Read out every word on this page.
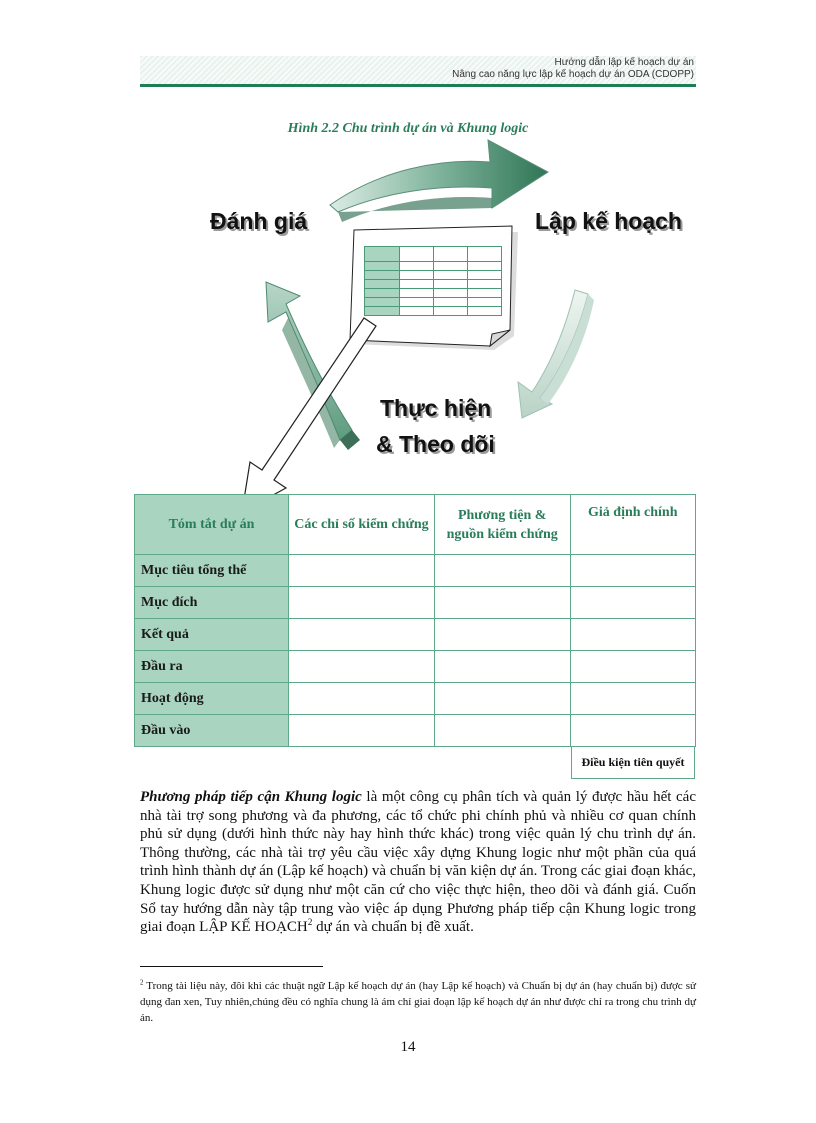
Hướng dẫn lập kế hoạch dự án
Nâng cao năng lực lập kế hoạch dự án ODA (CDOPP)
Hình 2.2 Chu trình dự án và Khung logic

Đánh giá	Lập kế hoạch
Thực hiện
& Theo dõi
Tóm tắt dự án	Các chỉ số kiểm chứng	Phương tiện & nguồn kiểm chứng	Giả định chính
Mục tiêu tổng thể			
Mục đích			
Kết quả			
Đầu ra			
Hoạt động			
Đầu vào			
Điều kiện tiên quyết
Phương pháp tiếp cận Khung logic là một công cụ phân tích và quản lý được hầu hết các nhà tài trợ song phương và đa phương, các tổ chức phi chính phủ và nhiều cơ quan chính phủ sử dụng (dưới hình thức này hay hình thức khác) trong việc quản lý chu trình dự án. Thông thường, các nhà tài trợ yêu cầu việc xây dựng Khung logic như một phần của quá trình hình thành dự án (Lập kế hoạch) và chuẩn bị văn kiện dự án. Trong các giai đoạn khác, Khung logic được sử dụng như một căn cứ cho việc thực hiện, theo dõi và đánh giá. Cuốn Sổ tay hướng dẫn này tập trung vào việc áp dụng Phương pháp tiếp cận Khung logic trong giai đoạn LẬP KẾ HOẠCH$^2$ dự án và chuẩn bị đề xuất.
$^2$ Trong tài liệu này, đôi khi các thuật ngữ Lập kế hoạch dự án (hay Lập kế hoạch) và Chuẩn bị dự án (hay chuẩn bị) được sử dụng đan xen, Tuy nhiên,chúng đều có nghĩa chung là ám chỉ giai đoạn lập kế hoạch dự án như được chỉ ra trong chu trình dự án.
14
